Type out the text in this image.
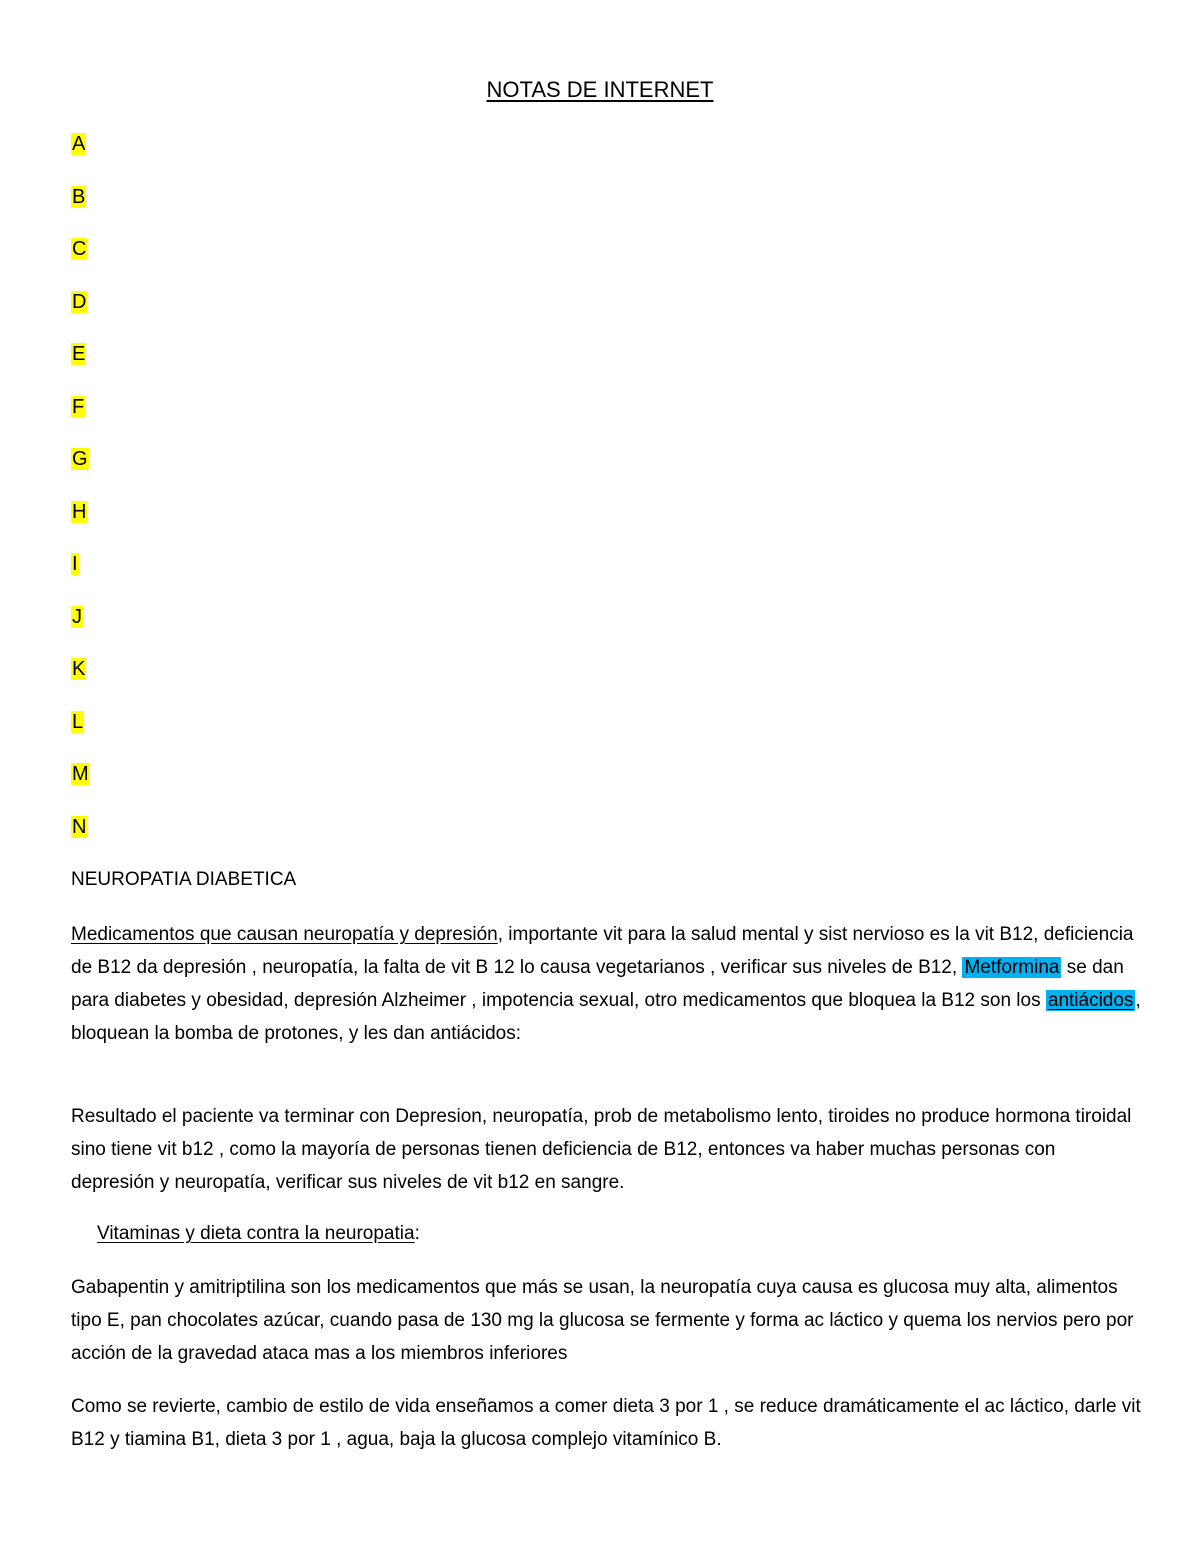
NOTAS DE INTERNET
A
B
C
D
E
F
G
H
I
J
K
L
M
N
NEUROPATIA DIABETICA

Medicamentos que causan neuropatía y depresión, importante vit para la salud mental y sist nervioso es la vit B12, deficiencia de B12 da depresión , neuropatía, la falta de vit B 12 lo causa vegetarianos , verificar sus niveles de B12, Metformina se dan para diabetes y obesidad, depresión Alzheimer , impotencia sexual, otro medicamentos que bloquea la B12 son los antiácidos , bloquean la bomba de protones, y les dan antiácidos:

Resultado el paciente va terminar con Depresion, neuropatía, prob de metabolismo lento, tiroides no produce hormona tiroidal sino tiene vit b12 , como la mayoría de personas tienen deficiencia de B12, entonces va haber muchas personas con depresión y neuropatía, verificar sus niveles de vit b12 en sangre.

Vitaminas y dieta contra la neuropatia:

Gabapentin y amitriptilina son los medicamentos que más se usan, la neuropatía cuya causa es glucosa muy alta, alimentos tipo E, pan chocolates azúcar, cuando pasa de 130 mg la glucosa se fermente y forma ac láctico y quema los nervios pero por acción de la gravedad ataca mas a los miembros inferiores

Como se revierte, cambio de estilo de vida enseñamos a comer dieta 3 por 1 , se reduce dramáticamente el ac láctico, darle vit B12 y tiamina B1, dieta 3 por 1 , agua, baja la glucosa complejo vitamínico B.
